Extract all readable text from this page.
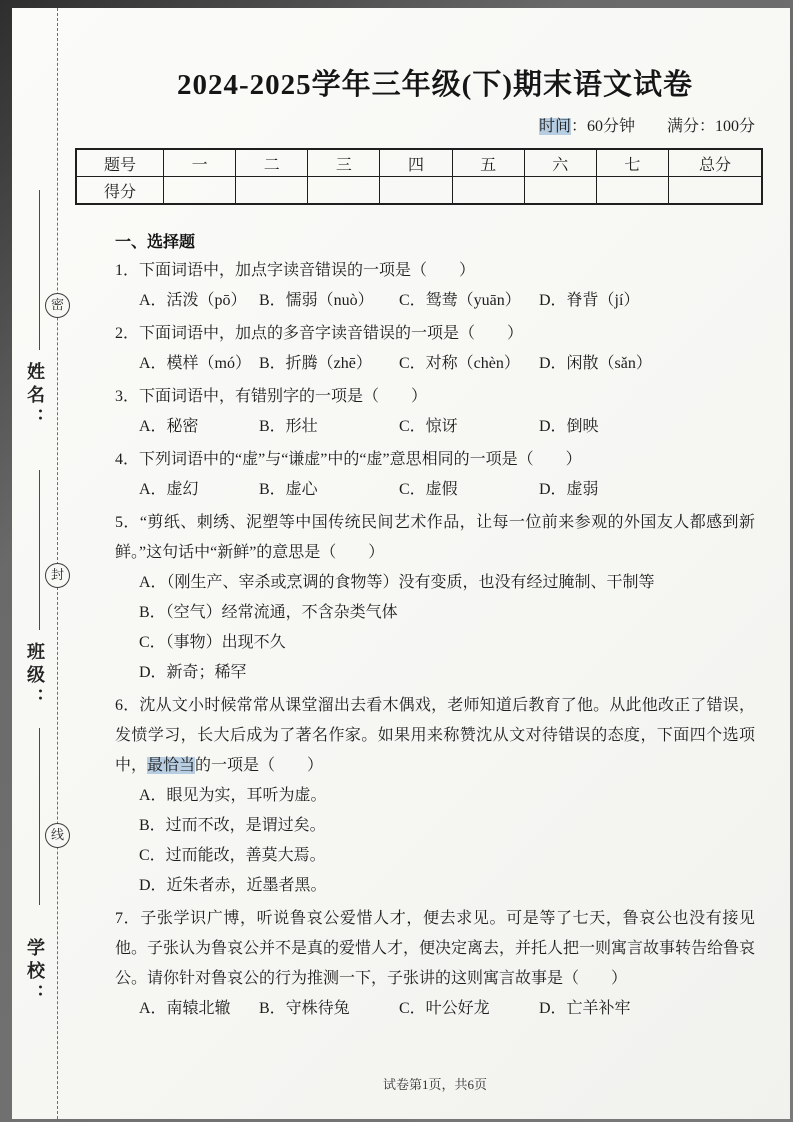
密
封
线
姓名：
班级：
学校：
2024-2025学年三年级(下)期末语文试卷
时间：60分钟　　满分：100分
题号	一	二	三	四	五	六	七	总分
得分								
一、选择题

1．下面词语中，加点字读音错误的一项是（　　）

A．活泼（pō） B．懦弱（nuò）	C．鸳鸯（yuān）	D．脊背（jí）

2．下面词语中，加点的多音字读音错误的一项是（　　）

A．模样（mó） B．折腾（zhē）	C．对称（chèn）	D．闲散（sǎn）

3．下面词语中，有错别字的一项是（　　）

A．秘密	B．形壮	C．惊讶	D．倒映

4．下列词语中的“虚”与“谦虚”中的“虚”意思相同的一项是（　　）

A．虚幻	B．虚心	C．虚假	D．虚弱

5．“剪纸、刺绣、泥塑等中国传统民间艺术作品，让每一位前来参观的外国友人都感到新鲜。”这句话中“新鲜”的意思是（　　）

A．（刚生产、宰杀或烹调的食物等）没有变质，也没有经过腌制、干制等
B．（空气）经常流通，不含杂类气体
C．（事物）出现不久
D．新奇；稀罕

6．沈从文小时候常常从课堂溜出去看木偶戏，老师知道后教育了他。从此他改正了错误，发愤学习，长大后成为了著名作家。如果用来称赞沈从文对待错误的态度，下面四个选项中，最恰当的一项是（　　）

A．眼见为实，耳听为虚。
B．过而不改，是谓过矣。
C．过而能改，善莫大焉。
D．近朱者赤，近墨者黑。

7．子张学识广博，听说鲁哀公爱惜人才，便去求见。可是等了七天，鲁哀公也没有接见他。子张认为鲁哀公并不是真的爱惜人才，便决定离去，并托人把一则寓言故事转告给鲁哀公。请你针对鲁哀公的行为推测一下，子张讲的这则寓言故事是（　　）

A．南辕北辙	B．守株待兔	C．叶公好龙	D．亡羊补牢
试卷第1页，共6页
